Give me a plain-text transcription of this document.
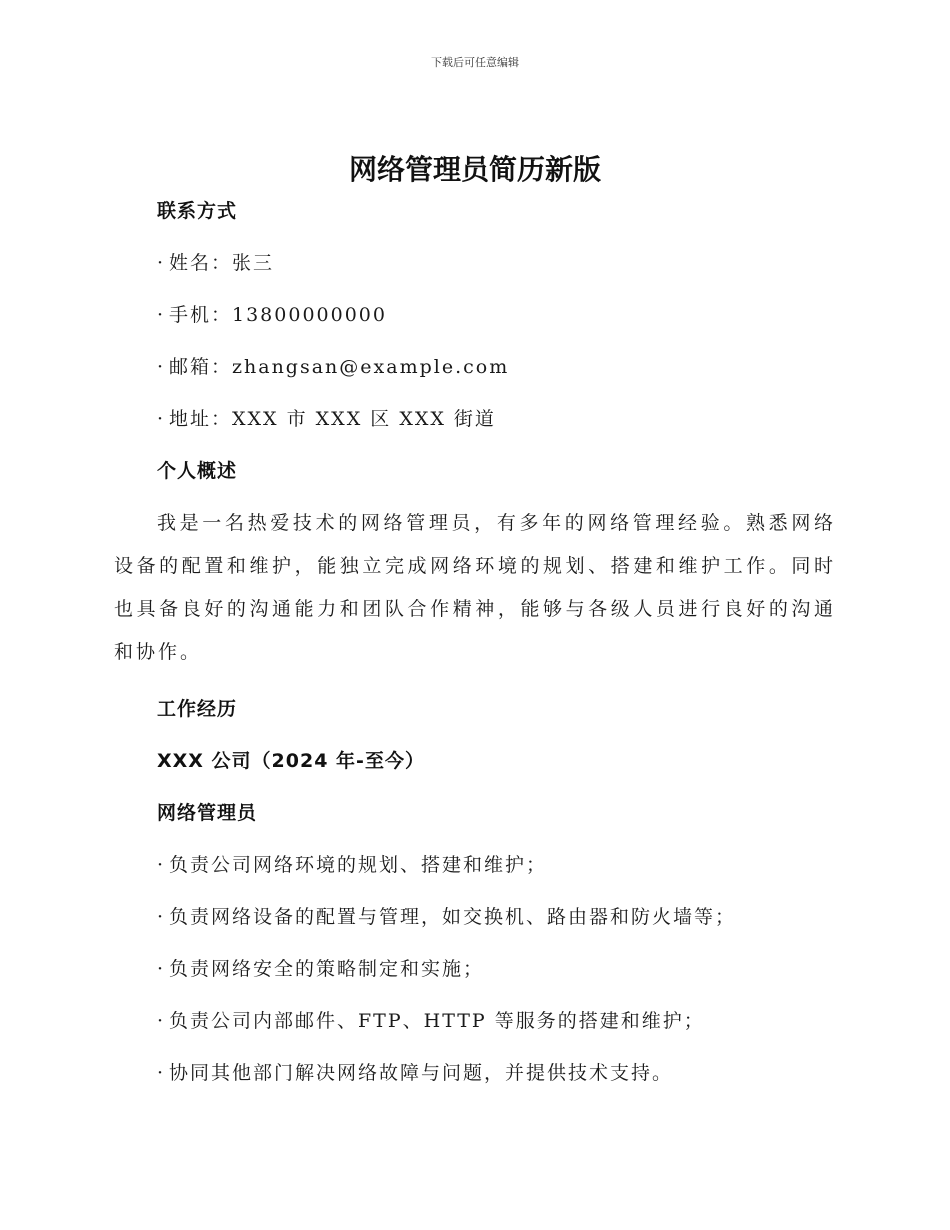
下载后可任意编辑
网络管理员简历新版
联系方式
· 姓名：张三
· 手机：13800000000
· 邮箱：zhangsan@example.com
· 地址：XXX 市 XXX 区 XXX 街道
个人概述
我是一名热爱技术的网络管理员，有多年的网络管理经验。熟悉网络设备的配置和维护，能独立完成网络环境的规划、搭建和维护工作。同时也具备良好的沟通能力和团队合作精神，能够与各级人员进行良好的沟通和协作。
工作经历
XXX 公司（2024 年-至今）
网络管理员
· 负责公司网络环境的规划、搭建和维护；
· 负责网络设备的配置与管理，如交换机、路由器和防火墙等；
· 负责网络安全的策略制定和实施；
· 负责公司内部邮件、FTP、HTTP 等服务的搭建和维护；
· 协同其他部门解决网络故障与问题，并提供技术支持。
